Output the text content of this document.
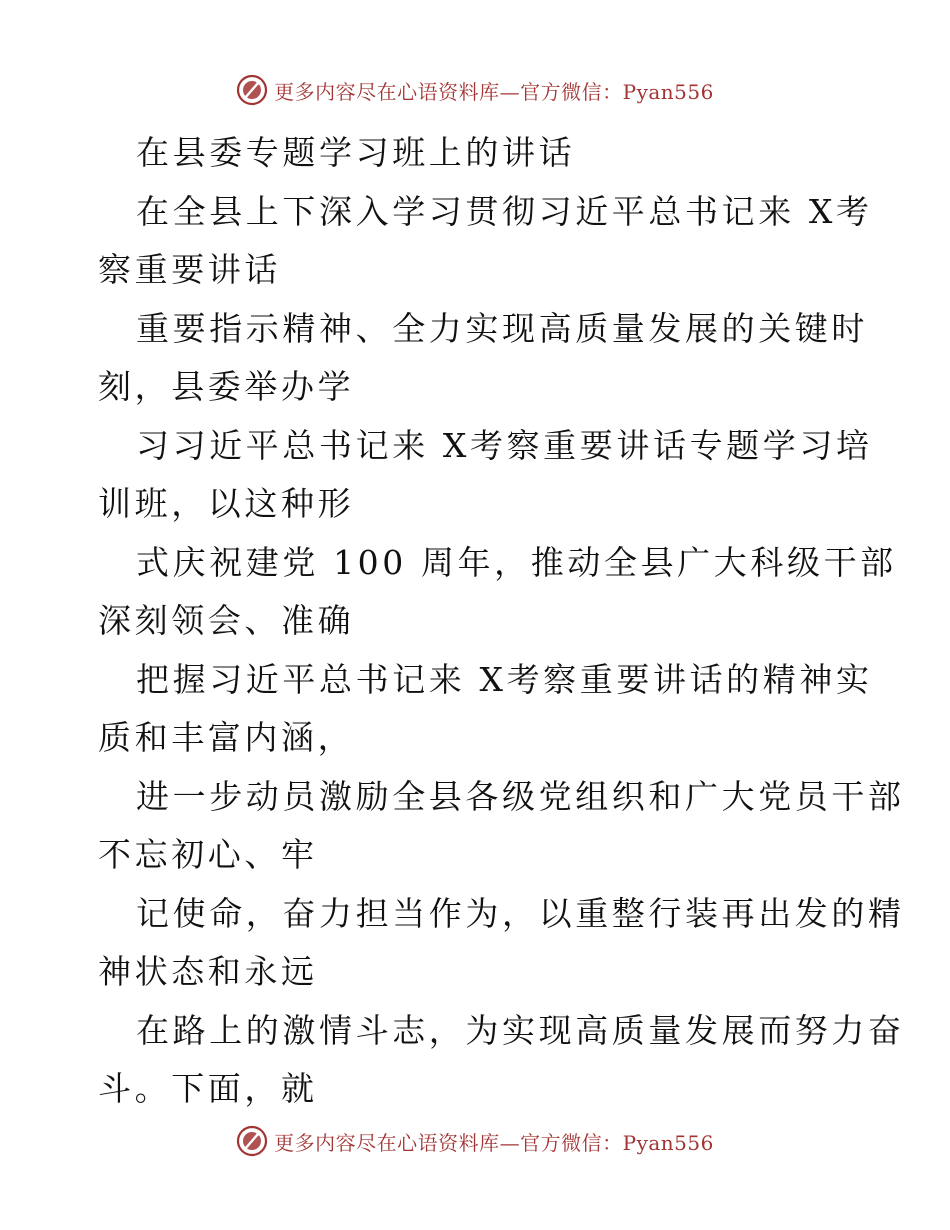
更多内容尽在心语资料库—官方微信：Pyan556
在县委专题学习班上的讲话
在全县上下深入学习贯彻习近平总书记来 X考
察重要讲话
重要指示精神、全力实现高质量发展的关键时
刻，县委举办学
习习近平总书记来 X考察重要讲话专题学习培
训班，以这种形
式庆祝建党 100 周年，推动全县广大科级干部
深刻领会、准确
把握习近平总书记来 X考察重要讲话的精神实
质和丰富内涵，
进一步动员激励全县各级党组织和广大党员干部
不忘初心、牢
记使命，奋力担当作为，以重整行装再出发的精
神状态和永远
在路上的激情斗志，为实现高质量发展而努力奋
斗。下面，就
更多内容尽在心语资料库—官方微信：Pyan556
